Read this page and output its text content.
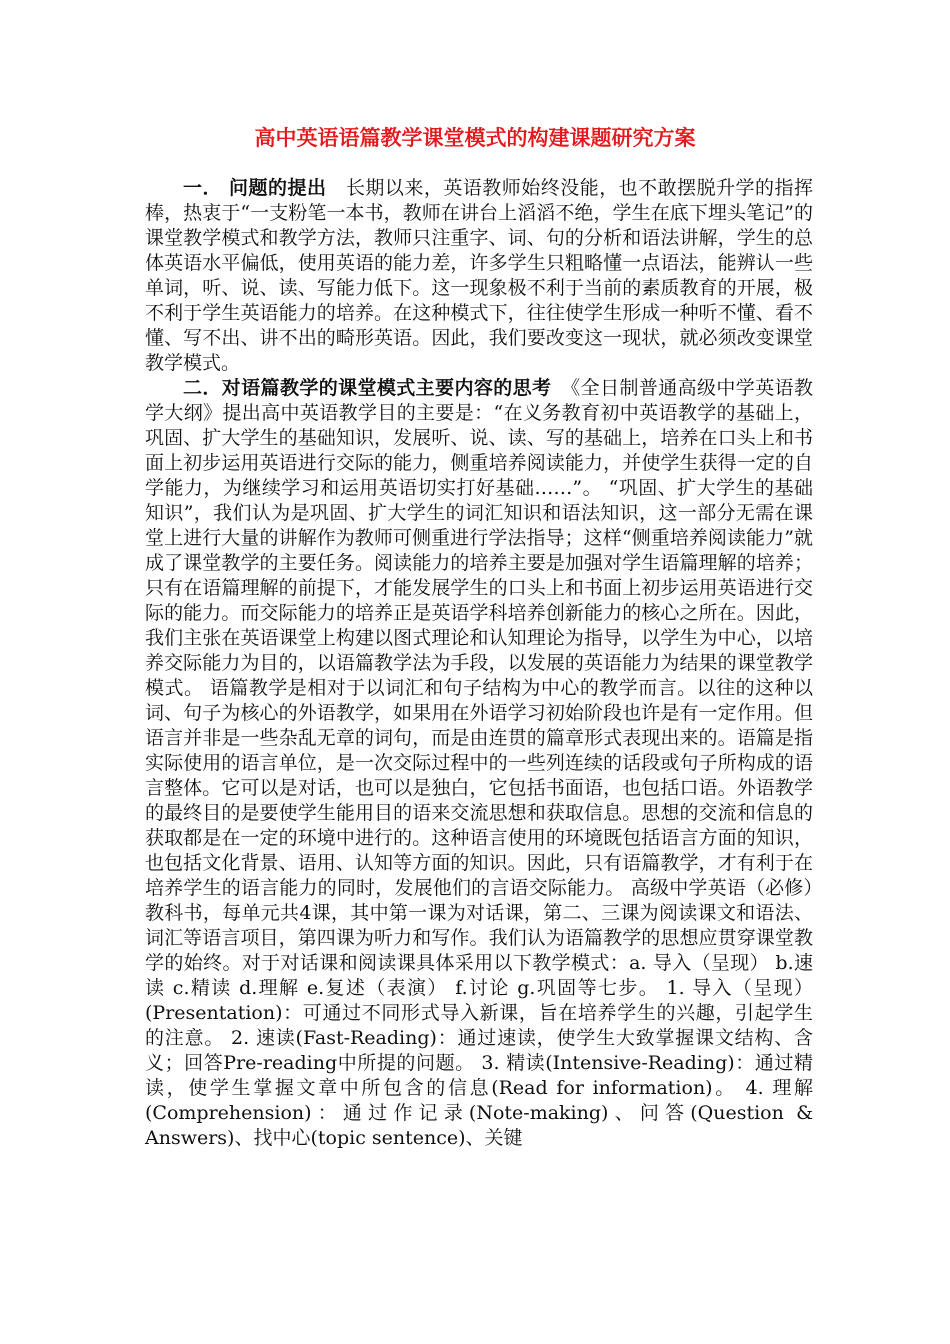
高中英语语篇教学课堂模式的构建课题研究方案

一． 问题的提出　长期以来，英语教师始终没能，也不敢摆脱升学的指挥棒，热衷于“一支粉笔一本书，教师在讲台上滔滔不绝，学生在底下埋头笔记”的课堂教学模式和教学方法，教师只注重字、词、句的分析和语法讲解，学生的总体英语水平偏低，使用英语的能力差，许多学生只粗略懂一点语法，能辨认一些单词，听、说、读、写能力低下。这一现象极不利于当前的素质教育的开展，极不利于学生英语能力的培养。在这种模式下，往往使学生形成一种听不懂、看不懂、写不出、讲不出的畸形英语。因此，我们要改变这一现状，就必须改变课堂教学模式。

二．对语篇教学的课堂模式主要内容的思考　《全日制普通高级中学英语教学大纲》提出高中英语教学目的主要是：“在义务教育初中英语教学的基础上，巩固、扩大学生的基础知识，发展听、说、读、写的基础上，培养在口头上和书面上初步运用英语进行交际的能力，侧重培养阅读能力，并使学生获得一定的自学能力，为继续学习和运用英语切实打好基础……”。 “巩固、扩大学生的基础知识”，我们认为是巩固、扩大学生的词汇知识和语法知识，这一部分无需在课堂上进行大量的讲解作为教师可侧重进行学法指导；这样“侧重培养阅读能力”就成了课堂教学的主要任务。阅读能力的培养主要是加强对学生语篇理解的培养；只有在语篇理解的前提下，才能发展学生的口头上和书面上初步运用英语进行交际的能力。而交际能力的培养正是英语学科培养创新能力的核心之所在。因此，我们主张在英语课堂上构建以图式理论和认知理论为指导，以学生为中心，以培养交际能力为目的，以语篇教学法为手段，以发展的英语能力为结果的课堂教学模式。 语篇教学是相对于以词汇和句子结构为中心的教学而言。以往的这种以词、句子为核心的外语教学，如果用在外语学习初始阶段也许是有一定作用。但语言并非是一些杂乱无章的词句，而是由连贯的篇章形式表现出来的。语篇是指实际使用的语言单位，是一次交际过程中的一些列连续的话段或句子所构成的语言整体。它可以是对话，也可以是独白，它包括书面语，也包括口语。外语教学的最终目的是要使学生能用目的语来交流思想和获取信息。思想的交流和信息的获取都是在一定的环境中进行的。这种语言使用的环境既包括语言方面的知识，也包括文化背景、语用、认知等方面的知识。因此，只有语篇教学，才有利于在培养学生的语言能力的同时，发展他们的言语交际能力。 高级中学英语（必修）教科书，每单元共4课，其中第一课为对话课，第二、三课为阅读课文和语法、词汇等语言项目，第四课为听力和写作。我们认为语篇教学的思想应贯穿课堂教学的始终。对于对话课和阅读课具体采用以下教学模式：a. 导入（呈现） b.速读 c.精读 d.理解 e.复述（表演） f.讨论 g.巩固等七步。 1. 导入（呈现）(Presentation)：可通过不同形式导入新课，旨在培养学生的兴趣，引起学生的注意。 2. 速读(Fast-Reading)：通过速读，使学生大致掌握课文结构、含义；回答Pre-reading中所提的问题。 3. 精读(Intensive-Reading)：通过精读，使学生掌握文章中所包含的信息(Read for information)。 4. 理解(Comprehension)：通过作记录(Note-making)、问答(Question & Answers)、找中心(topic sentence)、关键
